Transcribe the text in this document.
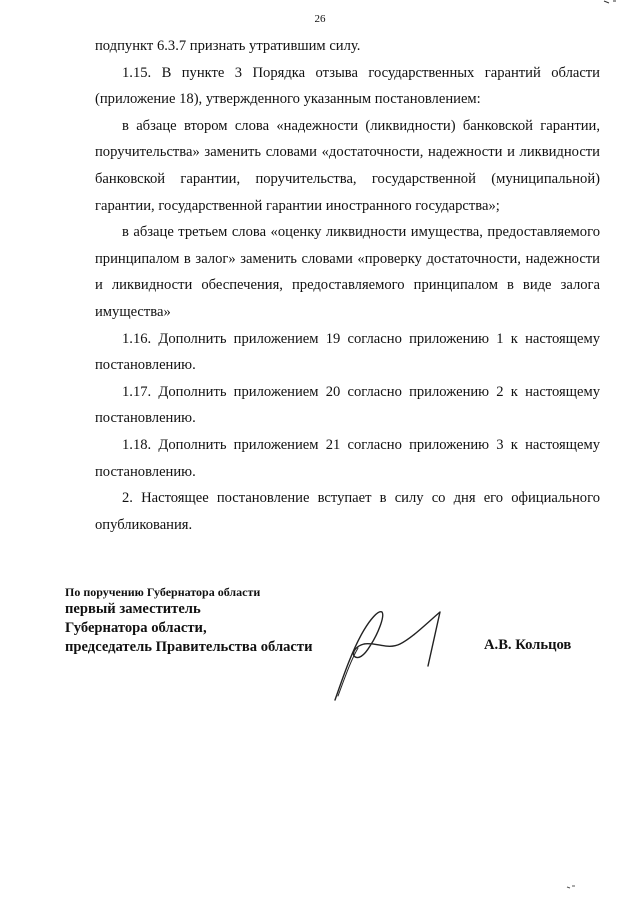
26

подпункт 6.3.7 признать утратившим силу.

1.15. В пункте 3 Порядка отзыва государственных гарантий области (приложение 18), утвержденного указанным постановлением:

в абзаце втором слова «надежности (ликвидности) банковской гарантии, поручительства» заменить словами «достаточности, надежности и ликвидности банковской гарантии, поручительства, государственной (муниципальной) гарантии, государственной гарантии иностранного государства»;

в абзаце третьем слова «оценку ликвидности имущества, предоставляемого принципалом в залог» заменить словами «проверку достаточности, надежности и ликвидности обеспечения, предоставляемого принципалом в виде залога имущества»

1.16. Дополнить приложением 19 согласно приложению 1 к настоящему постановлению.

1.17. Дополнить приложением 20 согласно приложению 2 к настоящему постановлению.

1.18. Дополнить приложением 21 согласно приложению 3 к настоящему постановлению.

2. Настоящее постановление вступает в силу со дня его официального опубликования.

По поручению Губернатора области
первый заместитель
Губернатора области,
председатель Правительства области	А.В. Кольцов
